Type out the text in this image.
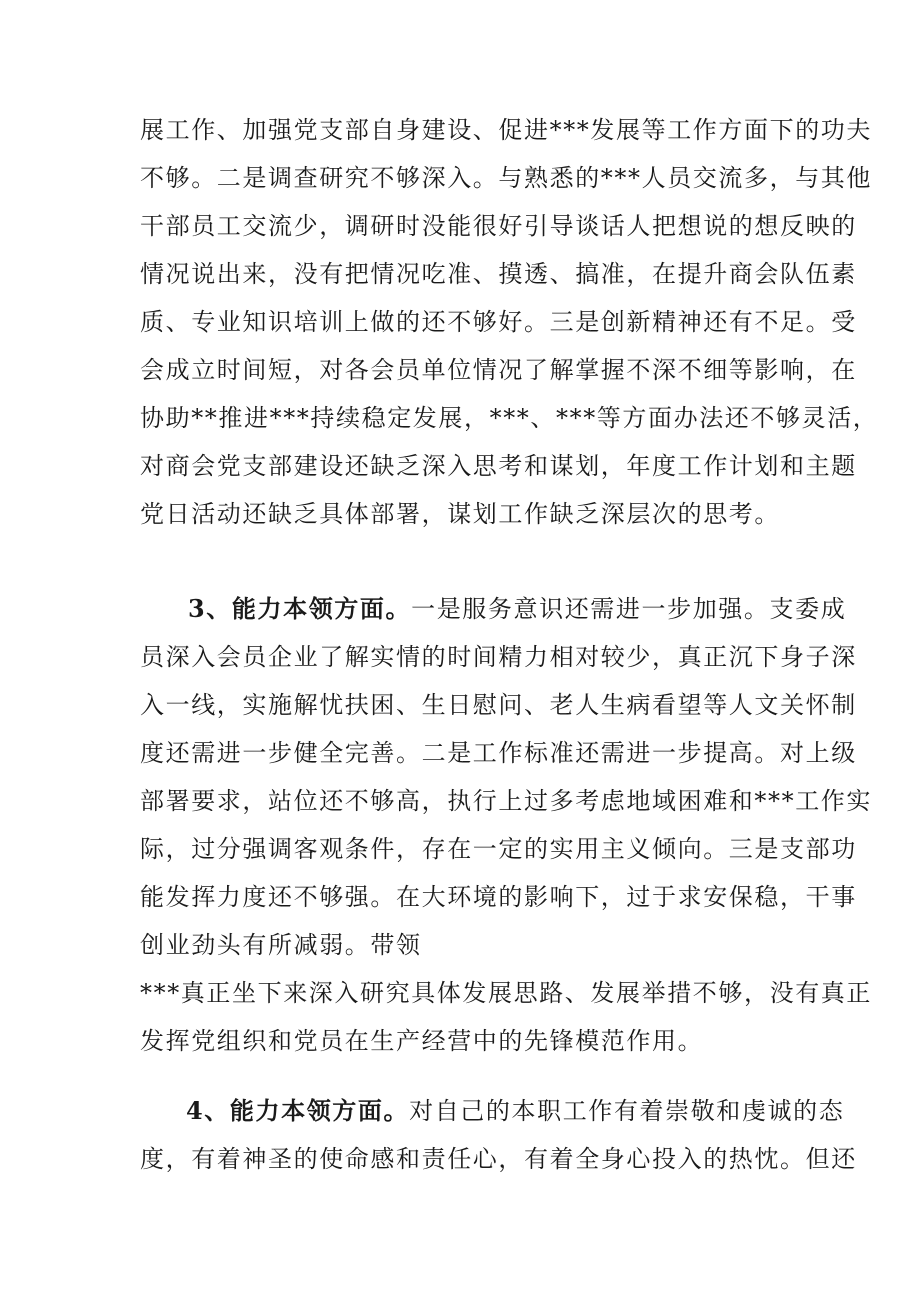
展工作、加强党支部自身建设、促进***发展等工作方面下的功夫
不够。二是调查研究不够深入。与熟悉的***人员交流多，与其他
干部员工交流少，调研时没能很好引导谈话人把想说的想反映的
情况说出来，没有把情况吃准、摸透、搞准，在提升商会队伍素
质、专业知识培训上做的还不够好。三是创新精神还有不足。受
会成立时间短，对各会员单位情况了解掌握不深不细等影响，在
协助**推进***持续稳定发展，***、***等方面办法还不够灵活，
对商会党支部建设还缺乏深入思考和谋划，年度工作计划和主题
党日活动还缺乏具体部署，谋划工作缺乏深层次的思考。
3、能力本领方面。一是服务意识还需进一步加强。支委成
员深入会员企业了解实情的时间精力相对较少，真正沉下身子深
入一线，实施解忧扶困、生日慰问、老人生病看望等人文关怀制
度还需进一步健全完善。二是工作标准还需进一步提高。对上级
部署要求，站位还不够高，执行上过多考虑地域困难和***工作实
际，过分强调客观条件，存在一定的实用主义倾向。三是支部功
能发挥力度还不够强。在大环境的影响下，过于求安保稳，干事
创业劲头有所减弱。带领
***真正坐下来深入研究具体发展思路、发展举措不够，没有真正
发挥党组织和党员在生产经营中的先锋模范作用。
4、能力本领方面。对自己的本职工作有着崇敬和虔诚的态
度，有着神圣的使命感和责任心，有着全身心投入的热忱。但还
